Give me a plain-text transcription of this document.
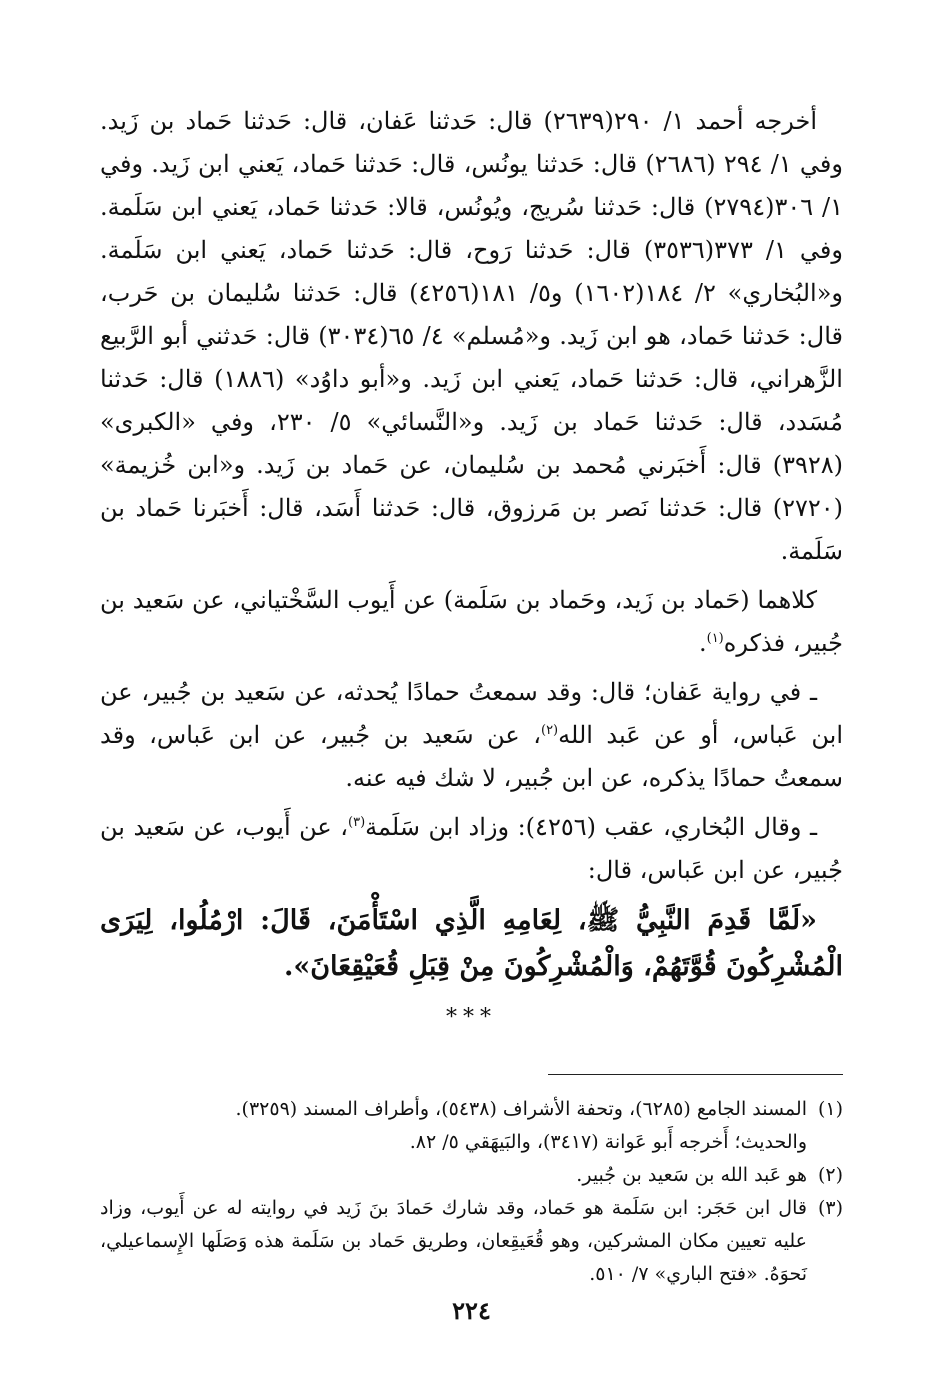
أخرجه أحمد ١/ ٢٩٠(٢٦٣٩) قال: حَدثنا عَفان، قال: حَدثنا حَماد بن زَيد. وفي ١/ ٢٩٤ (٢٦٨٦) قال: حَدثنا يونُس، قال: حَدثنا حَماد، يَعني ابن زَيد. وفي ١/ ٣٠٦(٢٧٩٤) قال: حَدثنا سُريج، ويُونُس، قالا: حَدثنا حَماد، يَعني ابن سَلَمة. وفي ١/ ٣٧٣(٣٥٣٦) قال: حَدثنا رَوح، قال: حَدثنا حَماد، يَعني ابن سَلَمة. و«البُخاري» ٢/ ١٨٤(١٦٠٢) و٥/ ١٨١(٤٢٥٦) قال: حَدثنا سُليمان بن حَرب، قال: حَدثنا حَماد، هو ابن زَيد. و«مُسلم» ٤/ ٦٥(٣٠٣٤) قال: حَدثني أبو الرَّبيع الزَّهراني، قال: حَدثنا حَماد، يَعني ابن زَيد. و«أبو داوُد» (١٨٨٦) قال: حَدثنا مُسَدد، قال: حَدثنا حَماد بن زَيد. و«النَّسائي» ٥/ ٢٣٠، وفي «الكبرى» (٣٩٢٨) قال: أَخبَرني مُحمد بن سُليمان، عن حَماد بن زَيد. و«ابن خُزيمة» (٢٧٢٠) قال: حَدثنا نَصر بن مَرزوق، قال: حَدثنا أَسَد، قال: أَخبَرنا حَماد بن سَلَمة.

كلاهما (حَماد بن زَيد، وحَماد بن سَلَمة) عن أَيوب السَّخْتياني، عن سَعيد بن جُبير، فذكره$^{(١)}$.

ـ في رواية عَفان؛ قال: وقد سمعتُ حمادًا يُحدثه، عن سَعيد بن جُبير، عن ابن عَباس، أو عن عَبد الله$^{(٢)}$، عن سَعيد بن جُبير، عن ابن عَباس، وقد سمعتُ حمادًا يذكره، عن ابن جُبير، لا شك فيه عنه.

ـ وقال البُخاري، عقب (٤٢٥٦): وزاد ابن سَلَمة$^{(٣)}$، عن أَيوب، عن سَعيد بن جُبير، عن ابن عَباس، قال:

«لَمَّا قَدِمَ النَّبِيُّ ﷺ، لِعَامِهِ الَّذِي اسْتَأْمَنَ، قَالَ: ارْمُلُوا، لِيَرَى الْمُشْرِكُونَ قُوَّتَهُمْ، وَالْمُشْرِكُونَ مِنْ قِبَلِ قُعَيْقِعَانَ».

***
(١)
المسند الجامع (٦٢٨٥)، وتحفة الأشراف (٥٤٣٨)، وأطراف المسند (٣٢٥٩).
والحديث؛ أَخرجه أَبو عَوانة (٣٤١٧)، والبَيهَقي ٥/ ٨٢.
(٢)
هو عَبد الله بن سَعيد بن جُبير.
(٣)
قال ابن حَجَر: ابن سَلَمة هو حَماد، وقد شارك حَمادَ بنَ زَيد في روايته له عن أَيوب، وزاد عليه تعيين مكان المشركين، وهو قُعَيقِعان، وطريق حَماد بن سَلَمة هذه وَصَلَها الإِسماعيلي، نَحوَهُ. «فتح الباري» ٧/ ٥١٠.
٢٢٤
